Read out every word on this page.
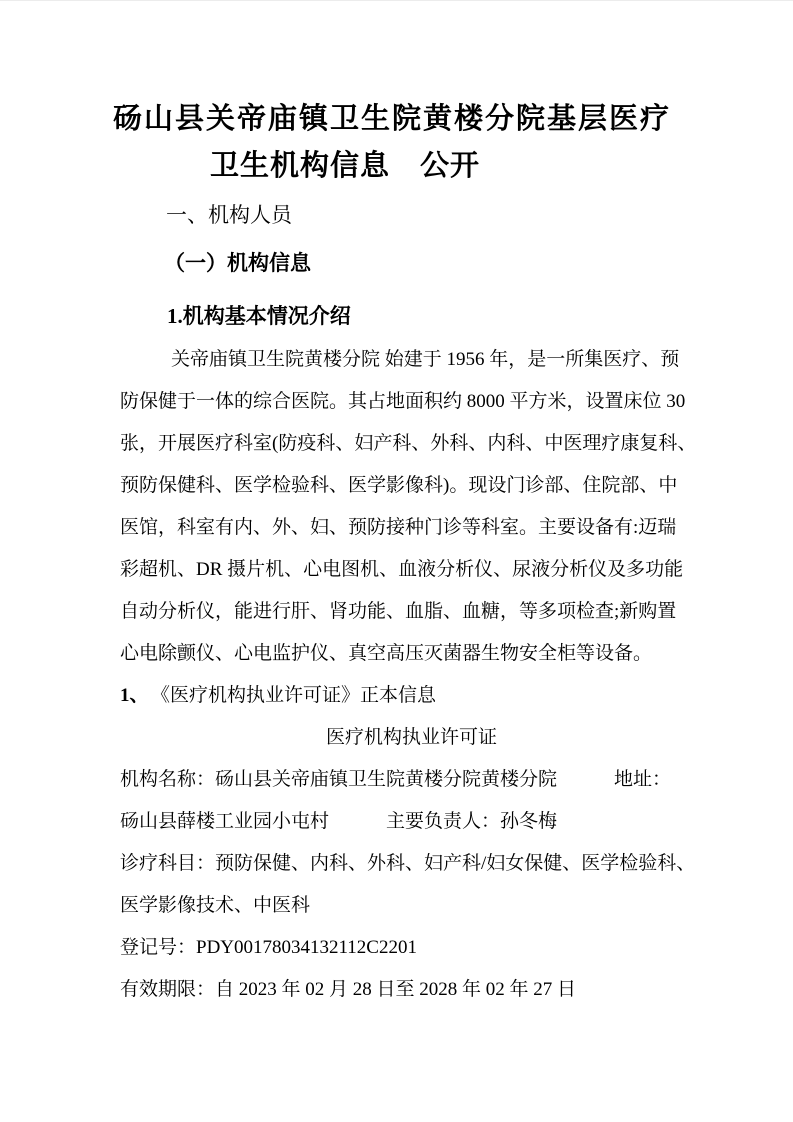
砀山县关帝庙镇卫生院黄楼分院基层医疗
卫生机构信息　公开
一、机构人员
（一）机构信息
1.机构基本情况介绍
关帝庙镇卫生院黄楼分院 始建于 1956 年，是一所集医疗、预
防保健于一体的综合医院。其占地面积约 8000 平方米，设置床位 30
张，开展医疗科室(防疫科、妇产科、外科、内科、中医理疗康复科、
预防保健科、医学检验科、医学影像科)。现设门诊部、住院部、中
医馆，科室有内、外、妇、预防接种门诊等科室。主要设备有:迈瑞
彩超机、DR 摄片机、心电图机、血液分析仪、尿液分析仪及多功能
自动分析仪，能进行肝、肾功能、血脂、血糖，等多项检查;新购置
心电除颤仪、心电监护仪、真空高压灭菌器生物安全柜等设备。
1、 《医疗机构执业许可证》正本信息
医疗机构执业许可证
机构名称：砀山县关帝庙镇卫生院黄楼分院黄楼分院　　　地址：
砀山县薛楼工业园小屯村　　　主要负责人：孙冬梅
诊疗科目：预防保健、内科、外科、妇产科/妇女保健、医学检验科、
医学影像技术、中医科
登记号：PDY00178034132112C2201
有效期限：自 2023 年 02 月 28 日至 2028 年 02 年 27 日
